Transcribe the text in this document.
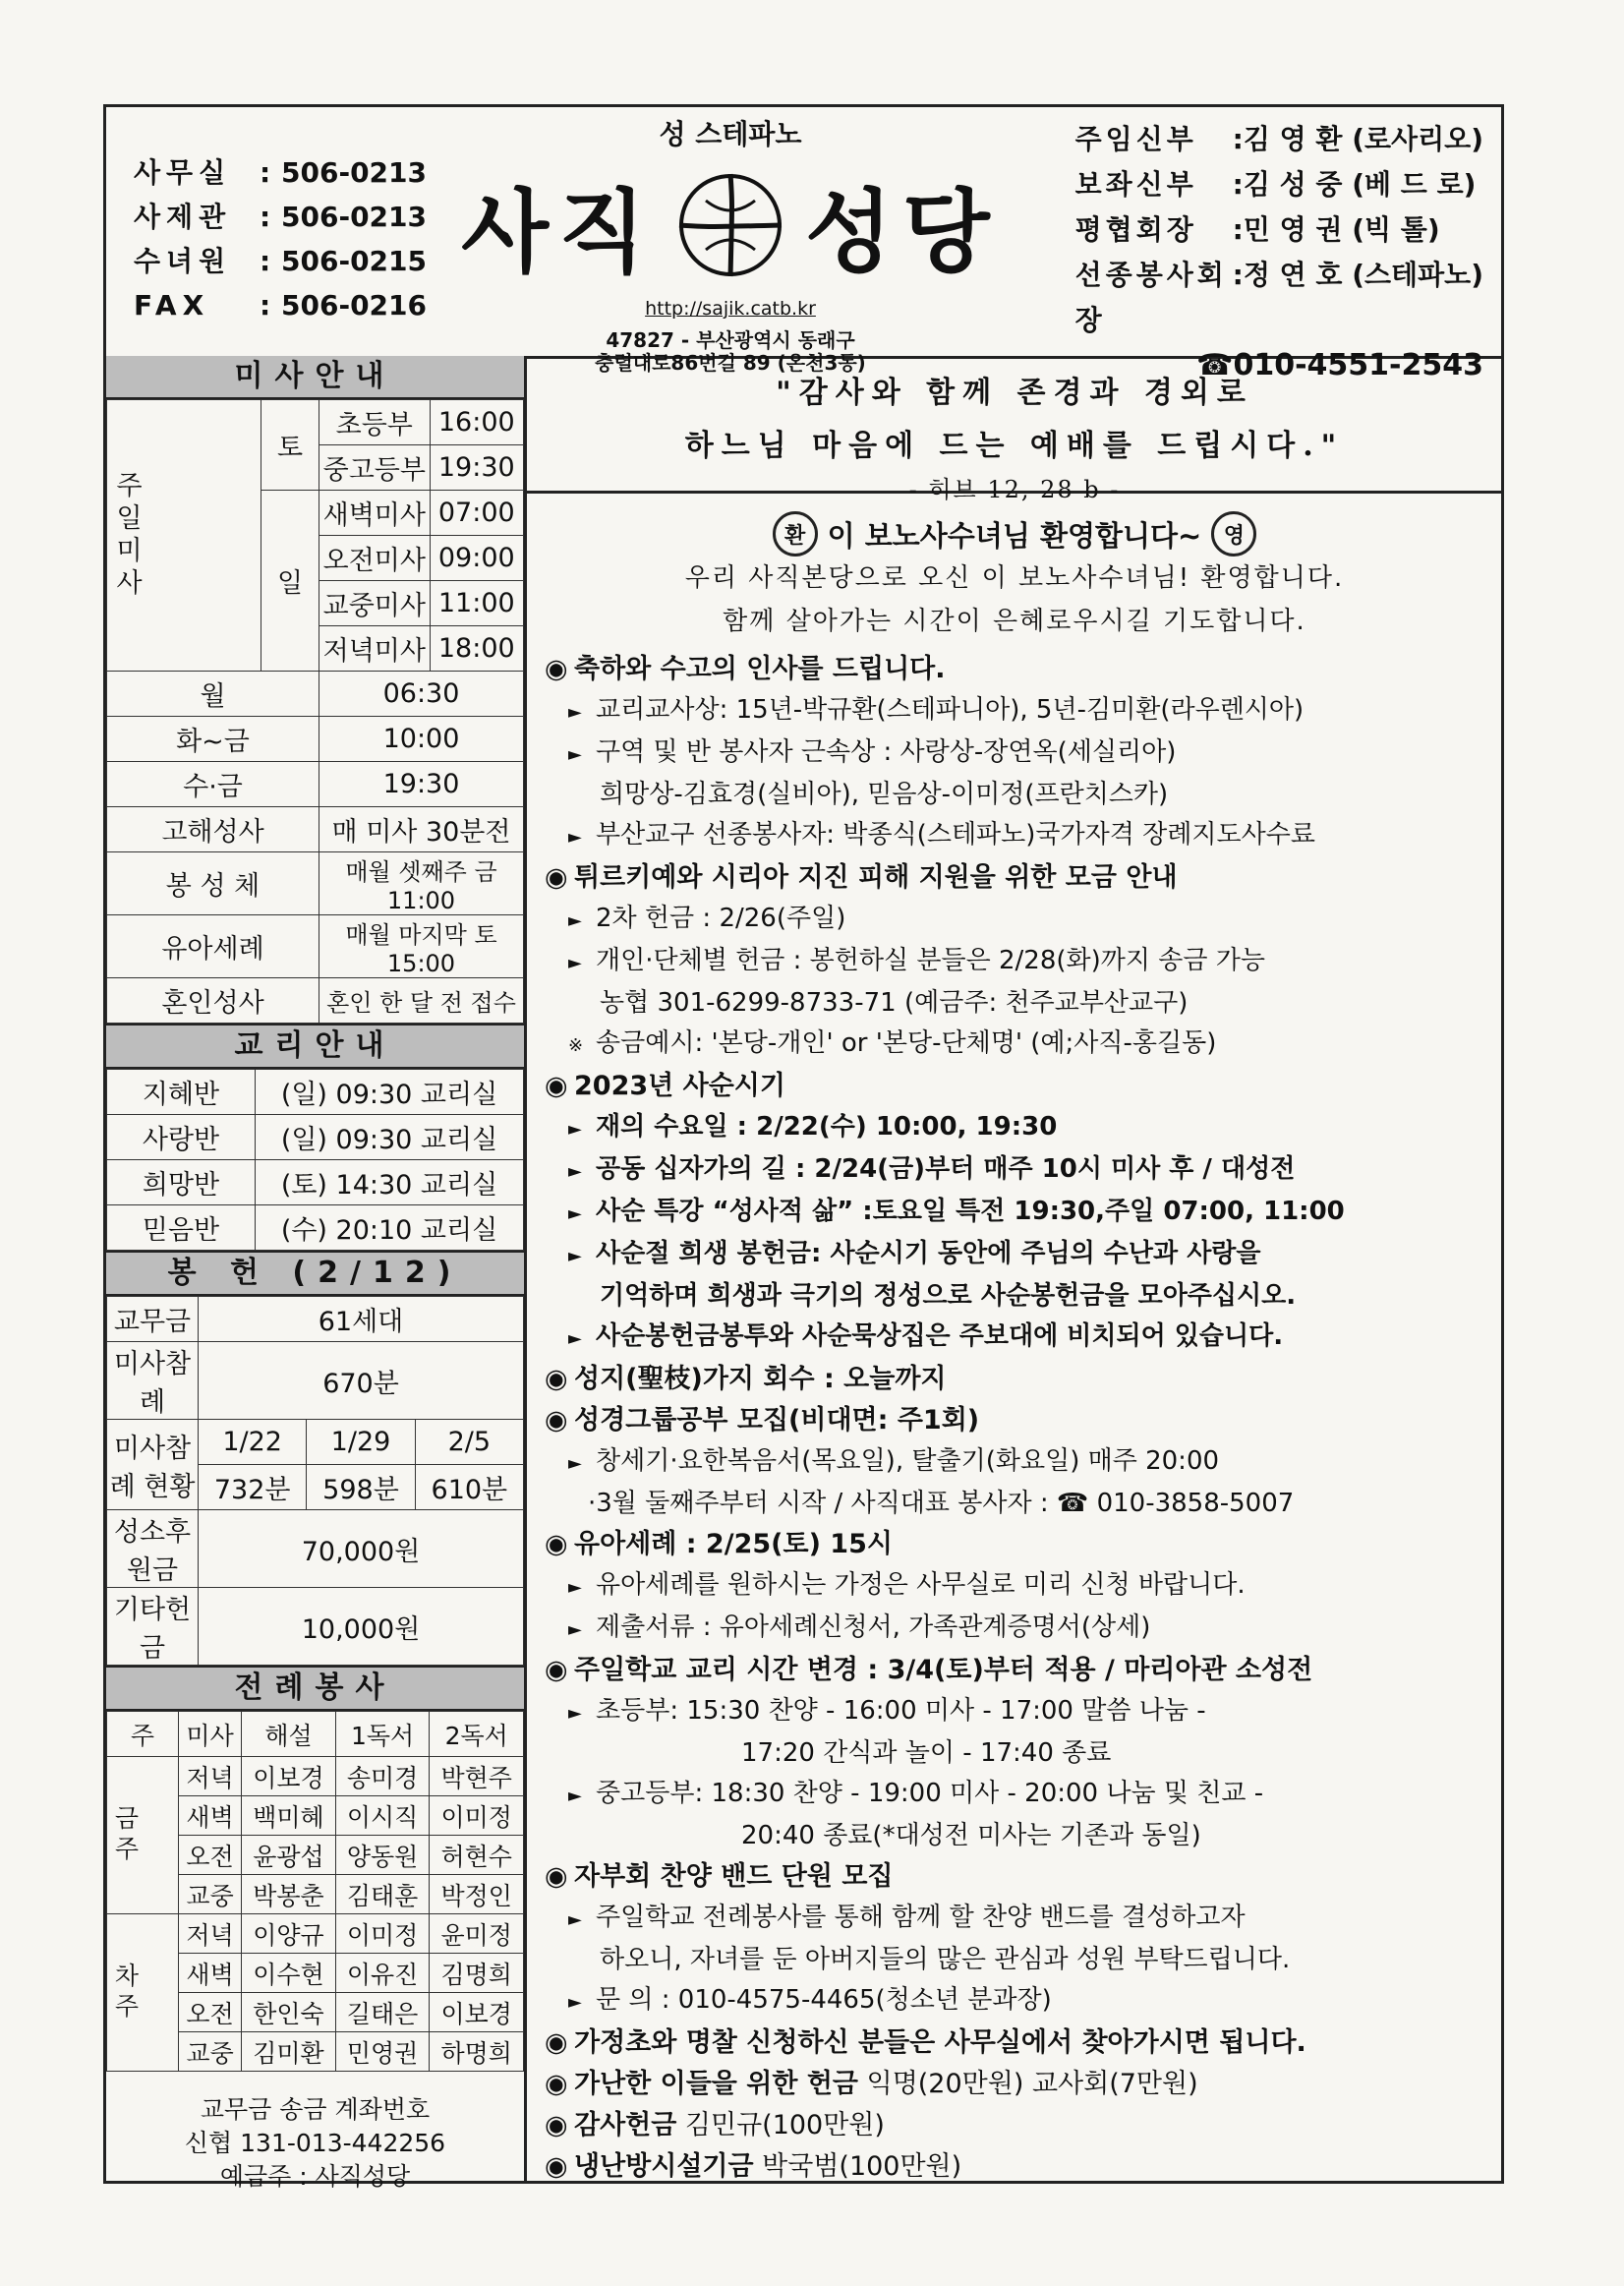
사무실	: 506-0213
사제관	: 506-0213
수녀원	: 506-0215
FAX	: 506-0216
성 스테파노
사직 성당
http://sajik.catb.kr
47827 - 부산광역시 동래구
충렬대로86번길 89 (온천3동)
주임신부	: 김 영 환 (로사리오)
보좌신부	: 김 성 중 (베 드 로)
평협회장	: 민 영 권 (빅 톨)
선종봉사회장
: 정 연 호 (스테파노)
☎010-4551-2543
미사안내
주일미사	토	초등부	16:00
		중고등부	19:30
	일	새벽미사	07:00
		오전미사	09:00
		교중미사	11:00
		저녁미사	18:00
월		06:30	
화~금		10:00	
수·금		19:30	
고해성사		매 미사 30분전	
봉 성 체		매월 셋째주 금 11:00	
유아세례		매월 마지막 토 15:00	
혼인성사		혼인 한 달 전 접수	
교리안내
지혜반	(일) 09:30 교리실
사랑반	(일) 09:30 교리실
희망반	(토) 14:30 교리실
믿음반	(수) 20:10 교리실
봉 헌 (2/12)
교무금	61세대		
미사참례	670분		
미사참례 현황	1/22	1/29	2/5
	732분	598분	610분
성소후원금	70,000원		
기타헌금	10,000원		
전례봉사
주	미사	해설	1독서	2독서

금주	저녁	이보경	송미경	박현주
	새벽	백미혜	이시직	이미정
	오전	윤광섭	양동원	허현수
	교중	박봉춘	김태훈	박정인

차주	저녁	이양규	이미정	윤미정
	새벽	이수현	이유진	김명희
	오전	한인숙	길태은	이보경
	교중	김미환	민영권	하명희
교무금 송금 계좌번호
신협 131-013-442256
예금주 : 사직성당
"감사와 함께 존경과 경외로
하느님 마음에 드는 예배를 드립시다."
- 히브 12, 28 b -
환 이 보노사수녀님 환영합니다~	영
우리 사직본당으로 오신 이 보노사수녀님! 환영합니다.
함께 살아가는 시간이 은혜로우시길 기도합니다.
◉ 축하와 수고의 인사를 드립니다.
► 교리교사상: 15년-박규환(스테파니아), 5년-김미환(라우렌시아)
► 구역 및 반 봉사자 근속상 : 사랑상-장연옥(세실리아)
희망상-김효경(실비아), 믿음상-이미정(프란치스카)
► 부산교구 선종봉사자: 박종식(스테파노)국가자격 장례지도사수료
◉ 튀르키예와 시리아 지진 피해 지원을 위한 모금 안내
► 2차 헌금 : 2/26(주일)
► 개인·단체별 헌금 : 봉헌하실 분들은 2/28(화)까지 송금 가능
농협 301-6299-8733-71 (예금주: 천주교부산교구)
※ 송금예시: '본당-개인' or '본당-단체명' (예;사직-홍길동)
◉ 2023년 사순시기
► 재의 수요일 : 2/22(수) 10:00, 19:30
► 공동 십자가의 길 : 2/24(금)부터 매주 10시 미사 후 / 대성전
► 사순 특강 “성사적 삶” :토요일 특전 19:30,주일 07:00, 11:00
► 사순절 희생 봉헌금: 사순시기 동안에 주님의 수난과 사랑을
기억하며 희생과 극기의 정성으로 사순봉헌금을 모아주십시오.
► 사순봉헌금봉투와 사순묵상집은 주보대에 비치되어 있습니다.
◉ 성지(聖枝)가지 회수 : 오늘까지
◉ 성경그룹공부 모집(비대면: 주1회)
► 창세기·요한복음서(목요일), 탈출기(화요일) 매주 20:00
·3월 둘째주부터 시작 / 사직대표 봉사자 : ☎ 010-3858-5007
◉ 유아세례 : 2/25(토) 15시
► 유아세례를 원하시는 가정은 사무실로 미리 신청 바랍니다.
► 제출서류 : 유아세례신청서, 가족관계증명서(상세)
◉ 주일학교 교리 시간 변경 : 3/4(토)부터 적용 / 마리아관 소성전
► 초등부: 15:30 찬양 - 16:00 미사 - 17:00 말씀 나눔 -
17:20 간식과 놀이 - 17:40 종료
► 중고등부: 18:30 찬양 - 19:00 미사 - 20:00 나눔 및 친교 -
20:40 종료(*대성전 미사는 기존과 동일)
◉ 자부회 찬양 밴드 단원 모집
► 주일학교 전례봉사를 통해 함께 할 찬양 밴드를 결성하고자
하오니, 자녀를 둔 아버지들의 많은 관심과 성원 부탁드립니다.
► 문 의 : 010-4575-4465(청소년 분과장)
◉ 가정초와 명찰 신청하신 분들은 사무실에서 찾아가시면 됩니다.
◉ 가난한 이들을 위한 헌금 익명(20만원) 교사회(7만원)
◉ 감사헌금 김민규(100만원)
◉ 냉난방시설기금 박국범(100만원)
